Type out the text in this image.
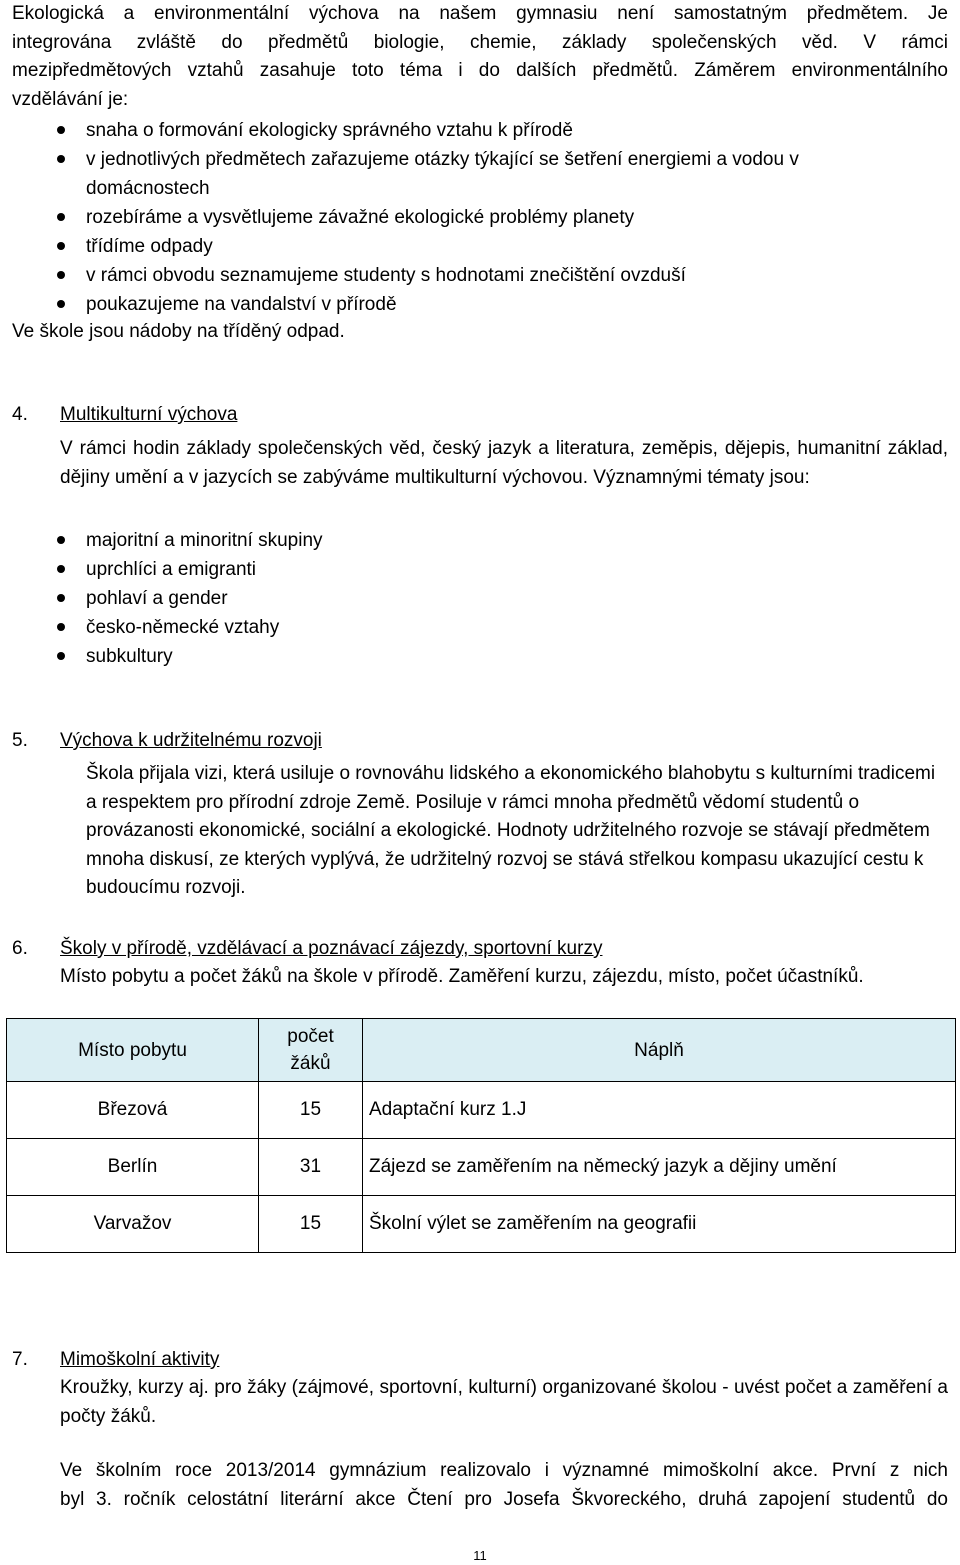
Ekologická a environmentální výchova na našem gymnasiu není samostatným předmětem. Je
integrována zvláště do předmětů biologie, chemie, základy společenských věd. V rámci
mezipředmětových vztahů zasahuje toto téma i do dalších předmětů. Záměrem environmentálního
vzdělávání je:
snaha o formování ekologicky správného vztahu k přírodě
v jednotlivých předmětech zařazujeme otázky týkající se šetření energiemi a vodou v domácnostech
rozebíráme a vysvětlujeme závažné ekologické problémy planety
třídíme odpady
v rámci obvodu seznamujeme studenty s hodnotami znečištění ovzduší
poukazujeme na vandalství v přírodě
Ve škole jsou nádoby na tříděný odpad.
4. Multikulturní výchova
V rámci hodin základy společenských věd, český jazyk a literatura, zeměpis, dějepis, humanitní základ, dějiny umění a v jazycích se zabýváme multikulturní výchovou. Významnými tématy jsou:
majoritní a minoritní skupiny
uprchlíci a emigranti
pohlaví a gender
česko-německé vztahy
subkultury
5. Výchova k udržitelnému rozvoji
Škola přijala vizi, která usiluje o rovnováhu lidského a ekonomického blahobytu s kulturními tradicemi a respektem pro přírodní zdroje Země. Posiluje v rámci mnoha předmětů vědomí studentů o provázanosti ekonomické, sociální a ekologické. Hodnoty udržitelného rozvoje se stávají předmětem mnoha diskusí, ze kterých vyplývá, že udržitelný rozvoj se stává střelkou kompasu ukazující cestu k budoucímu rozvoji.
6. Školy v přírodě, vzdělávací a poznávací zájezdy, sportovní kurzy
Místo pobytu a počet žáků na škole v přírodě. Zaměření kurzu, zájezdu, místo, počet účastníků.
Místo pobytu	počet žáků	Náplň
Březová	15	Adaptační kurz 1.J
Berlín	31	Zájezd se zaměřením na německý jazyk a dějiny umění
Varvažov	15	Školní výlet se zaměřením na geografii
7. Mimoškolní aktivity
Kroužky, kurzy aj. pro žáky (zájmové, sportovní, kulturní) organizované školou - uvést počet a zaměření a počty žáků.
Ve školním roce 2013/2014 gymnázium realizovalo i významné mimoškolní akce. První z nich
byl 3. ročník celostátní literární akce Čtení pro Josefa Škvoreckého, druhá zapojení studentů do
11
